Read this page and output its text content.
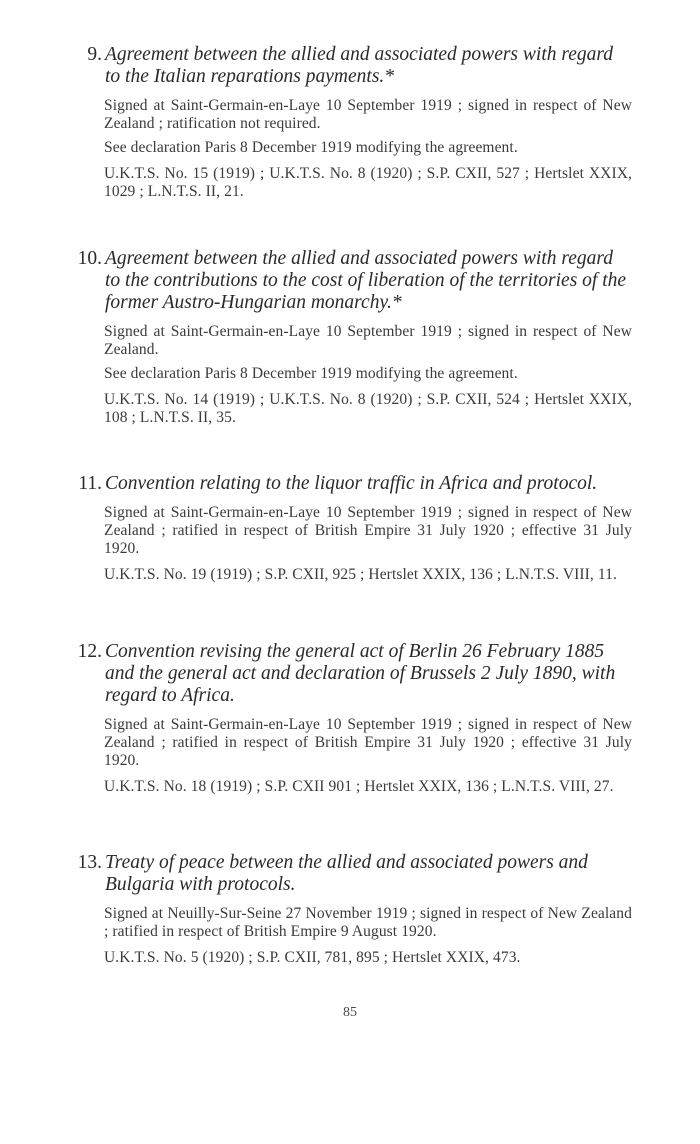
9. Agreement between the allied and associated powers with regard to the Italian reparations payments.*

Signed at Saint-Germain-en-Laye 10 September 1919 ; signed in respect of New Zealand ; ratification not required.

See declaration Paris 8 December 1919 modifying the agreement.

U.K.T.S. No. 15 (1919) ; U.K.T.S. No. 8 (1920) ; S.P. CXII, 527 ; Hertslet XXIX, 1029 ; L.N.T.S. II, 21.

10. Agreement between the allied and associated powers with regard to the contributions to the cost of liberation of the territories of the former Austro-Hungarian monarchy.*

Signed at Saint-Germain-en-Laye 10 September 1919 ; signed in respect of New Zealand.

See declaration Paris 8 December 1919 modifying the agreement.

U.K.T.S. No. 14 (1919) ; U.K.T.S. No. 8 (1920) ; S.P. CXII, 524 ; Hertslet XXIX, 108 ; L.N.T.S. II, 35.

11. Convention relating to the liquor traffic in Africa and protocol.

Signed at Saint-Germain-en-Laye 10 September 1919 ; signed in respect of New Zealand ; ratified in respect of British Empire 31 July 1920 ; effective 31 July 1920.

U.K.T.S. No. 19 (1919) ; S.P. CXII, 925 ; Hertslet XXIX, 136 ; L.N.T.S. VIII, 11.

12. Convention revising the general act of Berlin 26 February 1885 and the general act and declaration of Brussels 2 July 1890, with regard to Africa.

Signed at Saint-Germain-en-Laye 10 September 1919 ; signed in respect of New Zealand ; ratified in respect of British Empire 31 July 1920 ; effective 31 July 1920.

U.K.T.S. No. 18 (1919) ; S.P. CXII 901 ; Hertslet XXIX, 136 ; L.N.T.S. VIII, 27.

13. Treaty of peace between the allied and associated powers and Bulgaria with protocols.

Signed at Neuilly-Sur-Seine 27 November 1919 ; signed in respect of New Zealand ; ratified in respect of British Empire 9 August 1920.

U.K.T.S. No. 5 (1920) ; S.P. CXII, 781, 895 ; Hertslet XXIX, 473.

85
